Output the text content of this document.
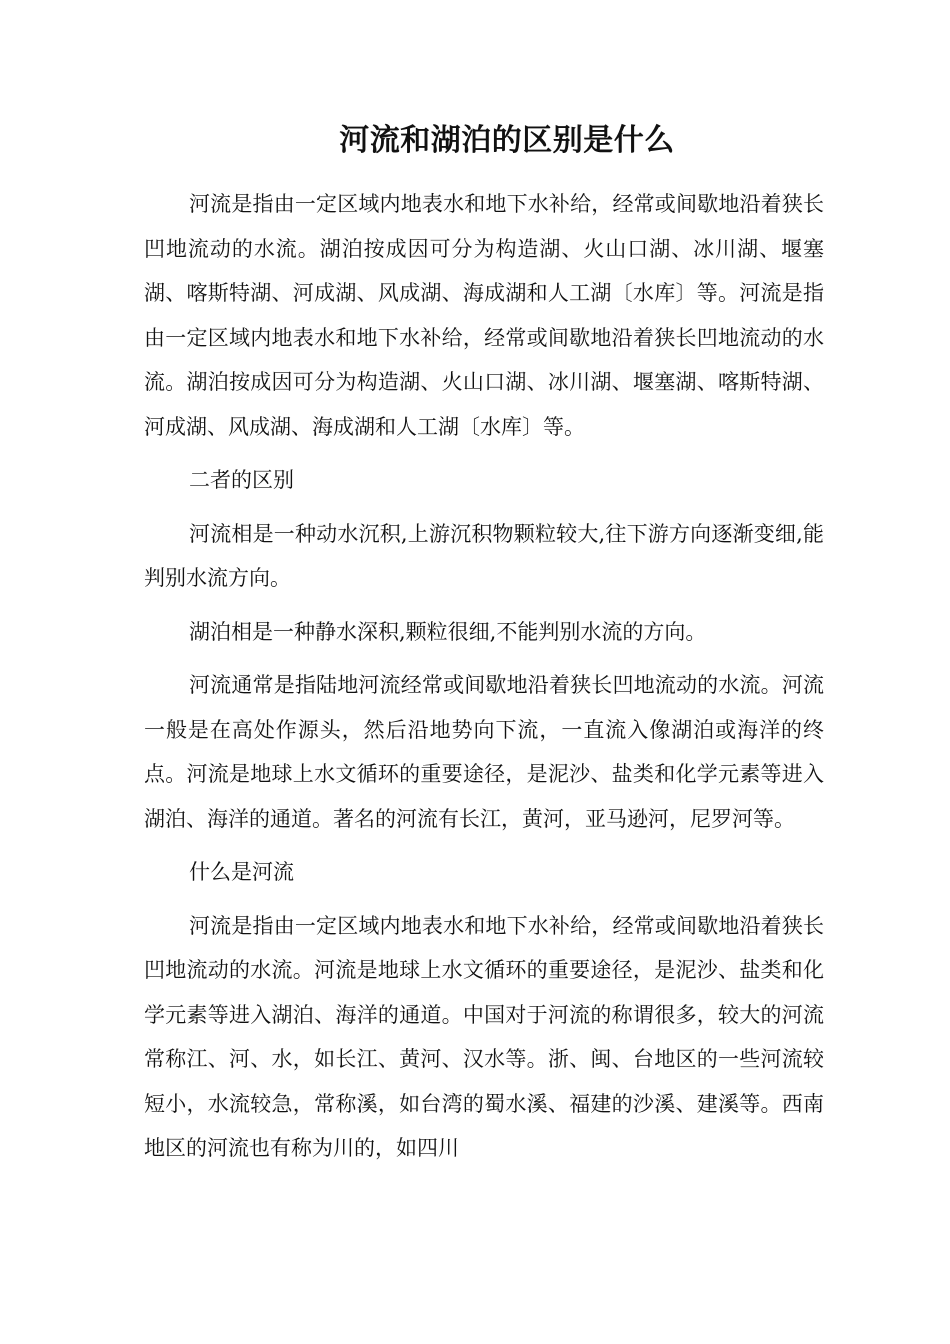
河流和湖泊的区别是什么

河流是指由一定区域内地表水和地下水补给，经常或间歇地沿着狭长凹地流动的水流。湖泊按成因可分为构造湖、火山口湖、冰川湖、堰塞湖、喀斯特湖、河成湖、风成湖、海成湖和人工湖〔水库〕等。河流是指由一定区域内地表水和地下水补给，经常或间歇地沿着狭长凹地流动的水流。湖泊按成因可分为构造湖、火山口湖、冰川湖、堰塞湖、喀斯特湖、河成湖、风成湖、海成湖和人工湖〔水库〕等。

二者的区别

河流相是一种动水沉积,上游沉积物颗粒较大,往下游方向逐渐变细,能判别水流方向。

湖泊相是一种静水深积,颗粒很细,不能判别水流的方向。

河流通常是指陆地河流经常或间歇地沿着狭长凹地流动的水流。河流一般是在高处作源头，然后沿地势向下流，一直流入像湖泊或海洋的终点。河流是地球上水文循环的重要途径，是泥沙、盐类和化学元素等进入湖泊、海洋的通道。著名的河流有长江，黄河，亚马逊河，尼罗河等。

什么是河流

河流是指由一定区域内地表水和地下水补给，经常或间歇地沿着狭长凹地流动的水流。河流是地球上水文循环的重要途径，是泥沙、盐类和化学元素等进入湖泊、海洋的通道。中国对于河流的称谓很多，较大的河流常称江、河、水，如长江、黄河、汉水等。浙、闽、台地区的一些河流较短小，水流较急，常称溪，如台湾的蜀水溪、福建的沙溪、建溪等。西南地区的河流也有称为川的，如四川
